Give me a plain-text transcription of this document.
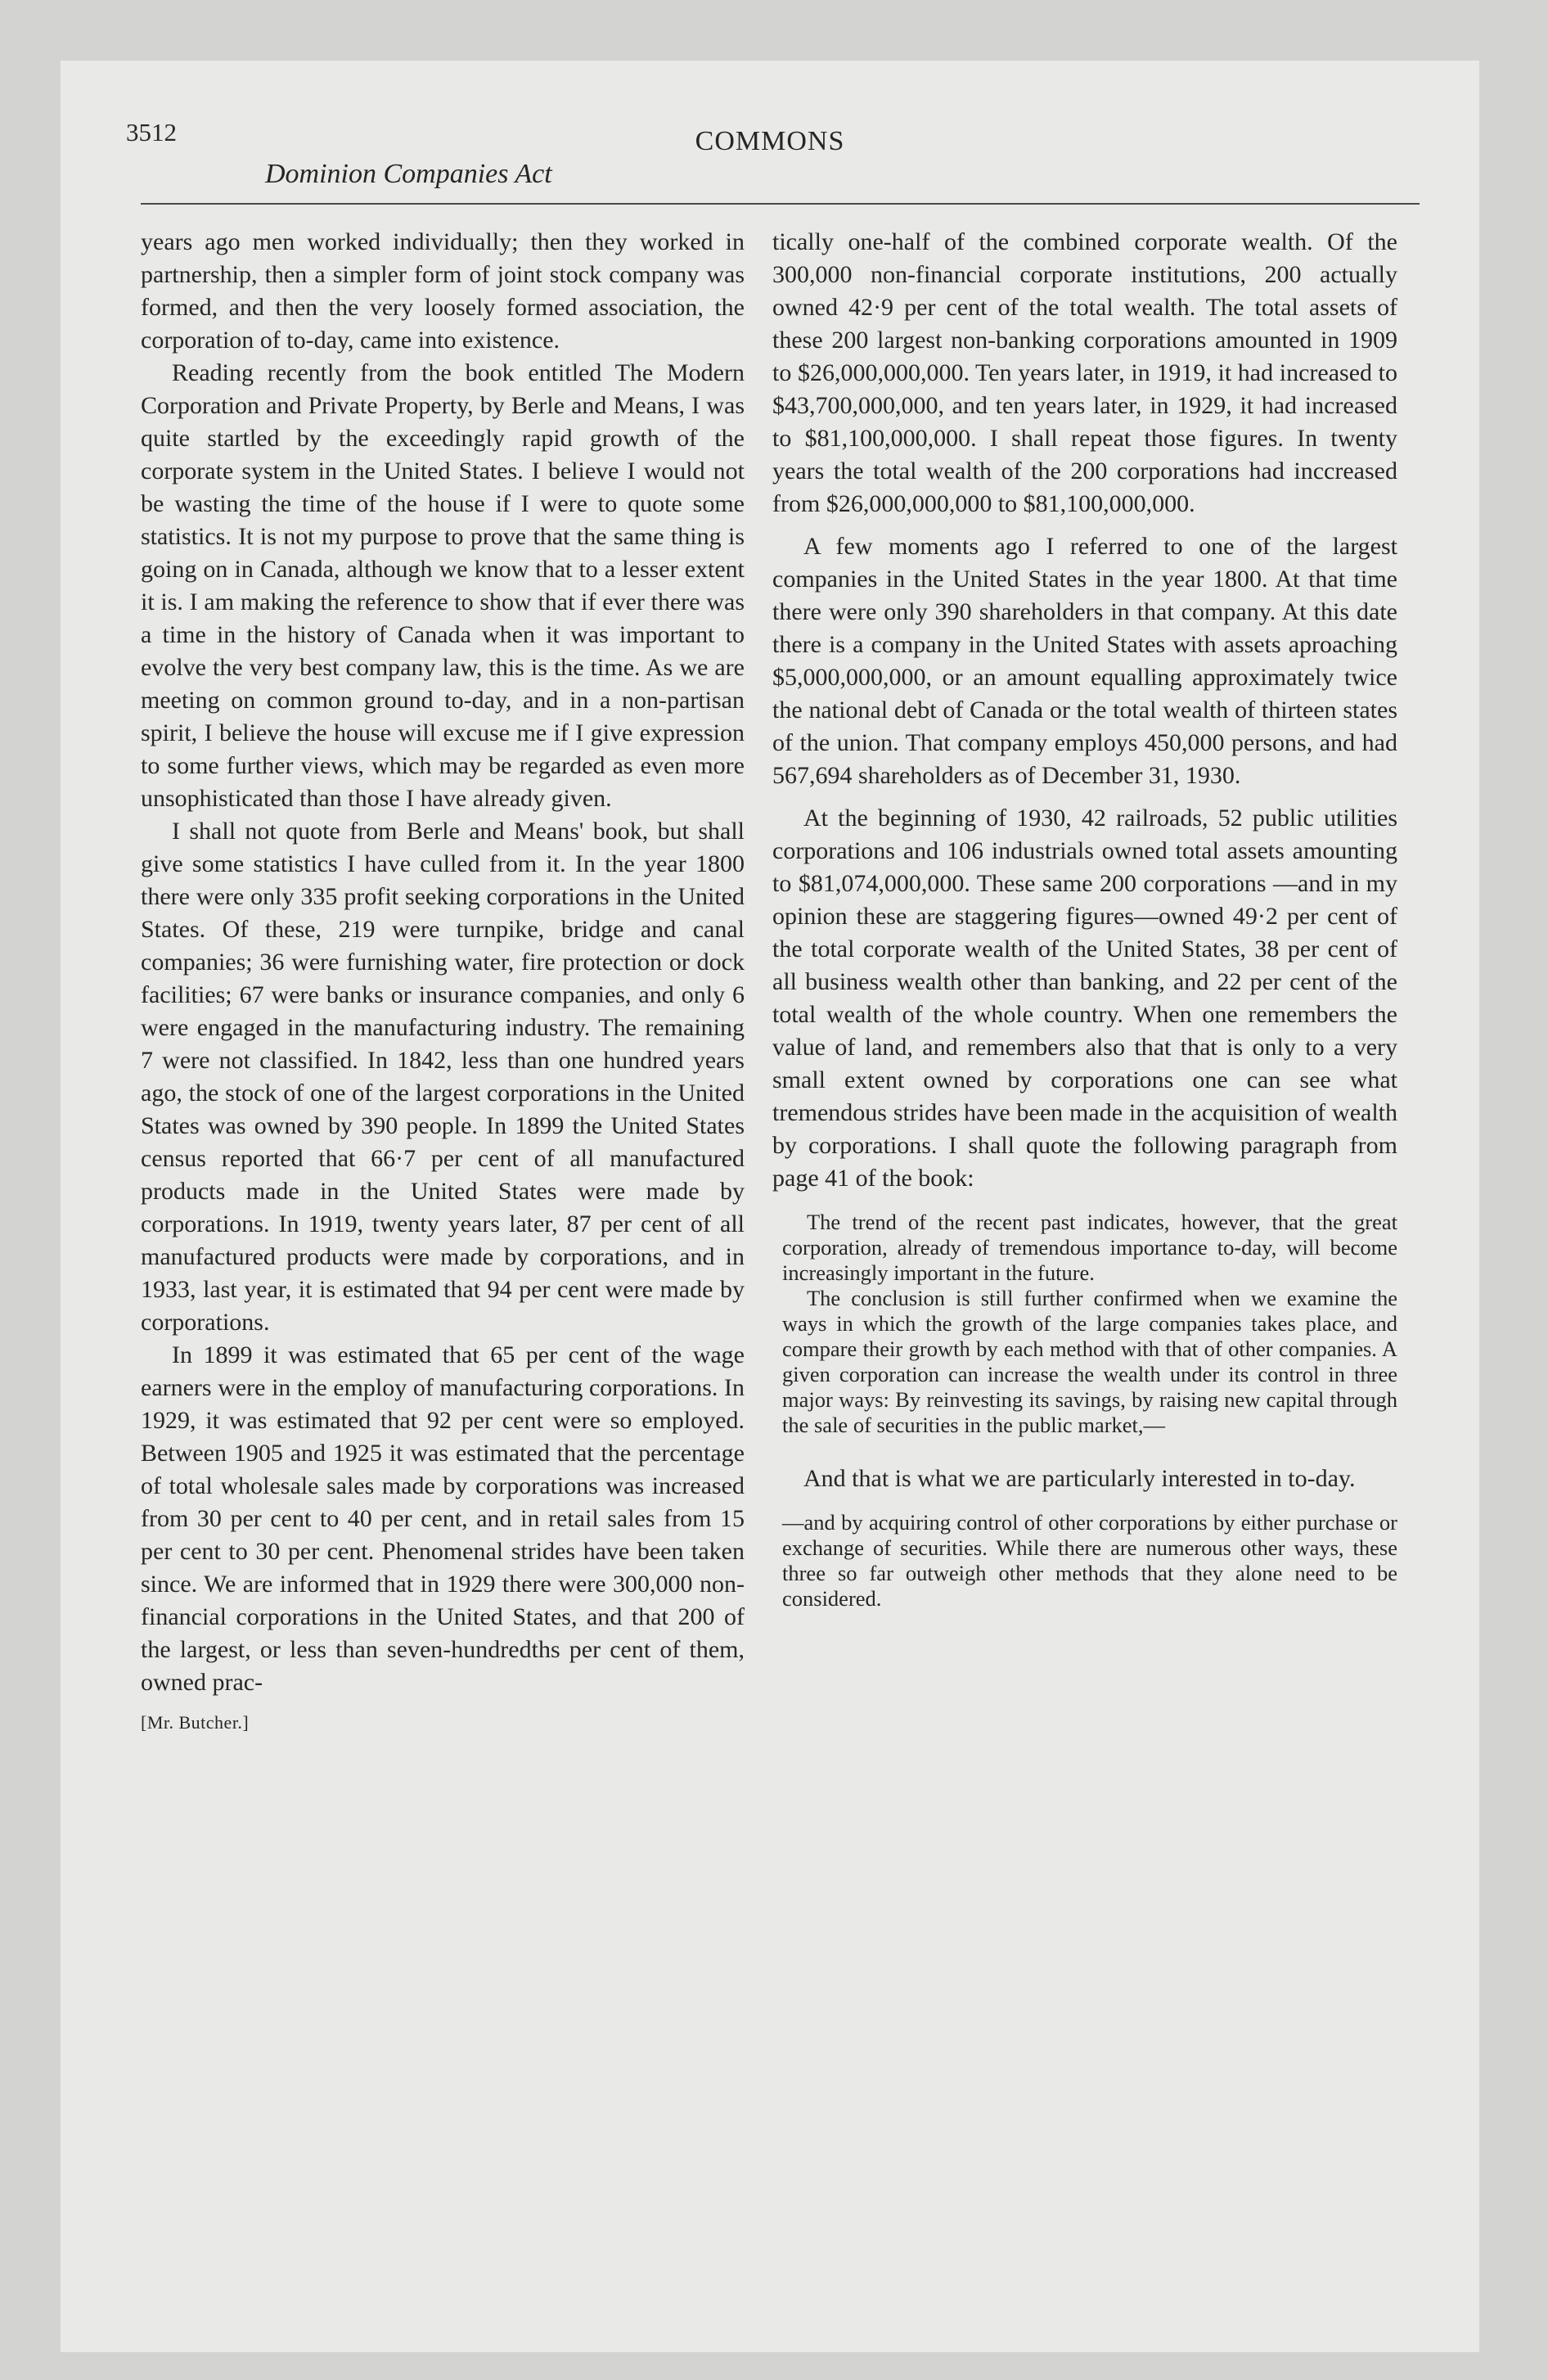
3512
Dominion Companies Act
COMMONS

years ago men worked individually; then they worked in partnership, then a simpler form of joint stock company was formed, and then the very loosely formed association, the corporation of to-day, came into existence.

Reading recently from the book entitled The Modern Corporation and Private Property, by Berle and Means, I was quite startled by the exceedingly rapid growth of the corporate system in the United States. I believe I would not be wasting the time of the house if I were to quote some statistics. It is not my purpose to prove that the same thing is going on in Canada, although we know that to a lesser extent it is. I am making the reference to show that if ever there was a time in the history of Canada when it was important to evolve the very best company law, this is the time. As we are meeting on common ground to-day, and in a non-partisan spirit, I believe the house will excuse me if I give expression to some further views, which may be regarded as even more unsophisticated than those I have already given.

I shall not quote from Berle and Means' book, but shall give some statistics I have culled from it. In the year 1800 there were only 335 profit seeking corporations in the United States. Of these, 219 were turnpike, bridge and canal companies; 36 were furnishing water, fire protection or dock facilities; 67 were banks or insurance companies, and only 6 were engaged in the manufacturing industry. The remaining 7 were not classified. In 1842, less than one hundred years ago, the stock of one of the largest corporations in the United States was owned by 390 people. In 1899 the United States census reported that 66·7 per cent of all manufactured products made in the United States were made by corporations. In 1919, twenty years later, 87 per cent of all manufactured products were made by corporations, and in 1933, last year, it is estimated that 94 per cent were made by corporations.

In 1899 it was estimated that 65 per cent of the wage earners were in the employ of manufacturing corporations. In 1929, it was estimated that 92 per cent were so employed. Between 1905 and 1925 it was estimated that the percentage of total wholesale sales made by corporations was increased from 30 per cent to 40 per cent, and in retail sales from 15 per cent to 30 per cent. Phenomenal strides have been taken since. We are informed that in 1929 there were 300,000 non-financial corporations in the United States, and that 200 of the largest, or less than seven-hundredths per cent of them, owned prac-

[Mr. Butcher.]

tically one-half of the combined corporate wealth. Of the 300,000 non-financial corporate institutions, 200 actually owned 42·9 per cent of the total wealth. The total assets of these 200 largest non-banking corporations amounted in 1909 to $26,000,000,000. Ten years later, in 1919, it had increased to $43,700,000,000, and ten years later, in 1929, it had increased to $81,100,000,000. I shall repeat those figures. In twenty years the total wealth of the 200 corporations had inccreased from $26,000,000,000 to $81,100,000,000.

A few moments ago I referred to one of the largest companies in the United States in the year 1800. At that time there were only 390 shareholders in that company. At this date there is a company in the United States with assets aproaching $5,000,000,000, or an amount equalling approximately twice the national debt of Canada or the total wealth of thirteen states of the union. That company employs 450,000 persons, and had 567,694 shareholders as of December 31, 1930.

At the beginning of 1930, 42 railroads, 52 public utilities corporations and 106 industrials owned total assets amounting to $81,074,000,000. These same 200 corporations —and in my opinion these are staggering figures—owned 49·2 per cent of the total corporate wealth of the United States, 38 per cent of all business wealth other than banking, and 22 per cent of the total wealth of the whole country. When one remembers the value of land, and remembers also that that is only to a very small extent owned by corporations one can see what tremendous strides have been made in the acquisition of wealth by corporations. I shall quote the following paragraph from page 41 of the book:

The trend of the recent past indicates, however, that the great corporation, already of tremendous importance to-day, will become increasingly important in the future.

The conclusion is still further confirmed when we examine the ways in which the growth of the large companies takes place, and compare their growth by each method with that of other companies. A given corporation can increase the wealth under its control in three major ways: By reinvesting its savings, by raising new capital through the sale of securities in the public market,—

And that is what we are particularly interested in to-day.

—and by acquiring control of other corporations by either purchase or exchange of securities. While there are numerous other ways, these three so far outweigh other methods that they alone need to be considered.
